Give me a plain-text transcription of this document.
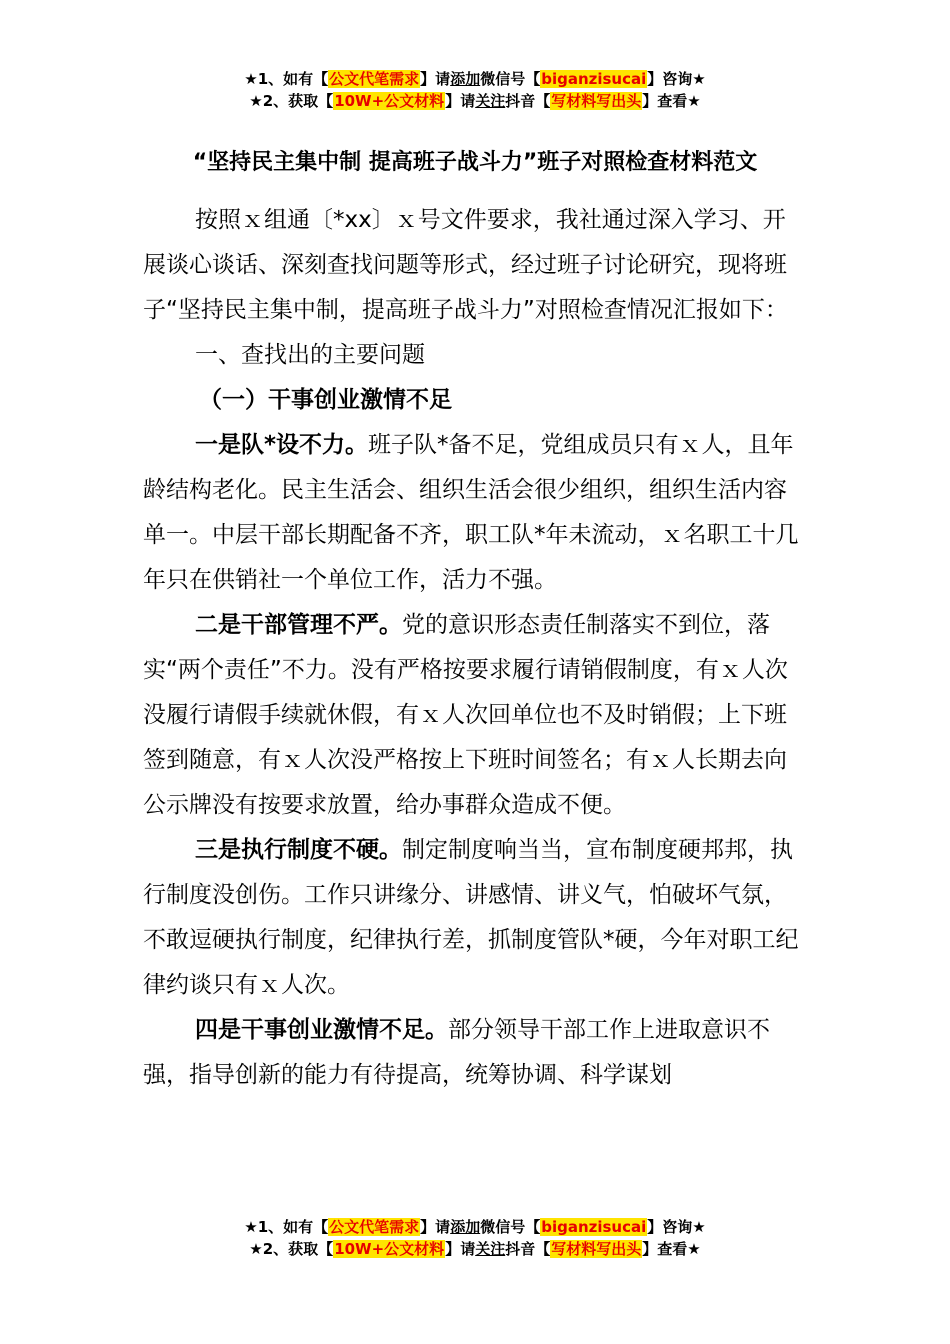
★1、如有【公文代笔需求】请添加微信号【biganzisucai】咨询★
★2、获取【10W+公文材料】请关注抖音【写材料写出头】查看★
“坚持民主集中制 提高班子战斗力”班子对照检查材料范文

按照ｘ组通〔*xx〕ｘ号文件要求，我社通过深入学习、开展谈心谈话、深刻查找问题等形式，经过班子讨论研究，现将班子“坚持民主集中制，提高班子战斗力”对照检查情况汇报如下：

一、查找出的主要问题

（一）干事创业激情不足

一是队*设不力。班子队*备不足，党组成员只有ｘ人，且年龄结构老化。民主生活会、组织生活会很少组织，组织生活内容单一。中层干部长期配备不齐，职工队*年未流动，ｘ名职工十几年只在供销社一个单位工作，活力不强。

二是干部管理不严。党的意识形态责任制落实不到位，落实“两个责任”不力。没有严格按要求履行请销假制度，有ｘ人次没履行请假手续就休假，有ｘ人次回单位也不及时销假；上下班签到随意，有ｘ人次没严格按上下班时间签名；有ｘ人长期去向公示牌没有按要求放置，给办事群众造成不便。

三是执行制度不硬。制定制度响当当，宣布制度硬邦邦，执行制度没创伤。工作只讲缘分、讲感情、讲义气，怕破坏气氛，不敢逗硬执行制度，纪律执行差，抓制度管队*硬，今年对职工纪律约谈只有ｘ人次。

四是干事创业激情不足。部分领导干部工作上进取意识不强，指导创新的能力有待提高，统筹协调、科学谋划

★1、如有【公文代笔需求】请添加微信号【biganzisucai】咨询★
★2、获取【10W+公文材料】请关注抖音【写材料写出头】查看★
